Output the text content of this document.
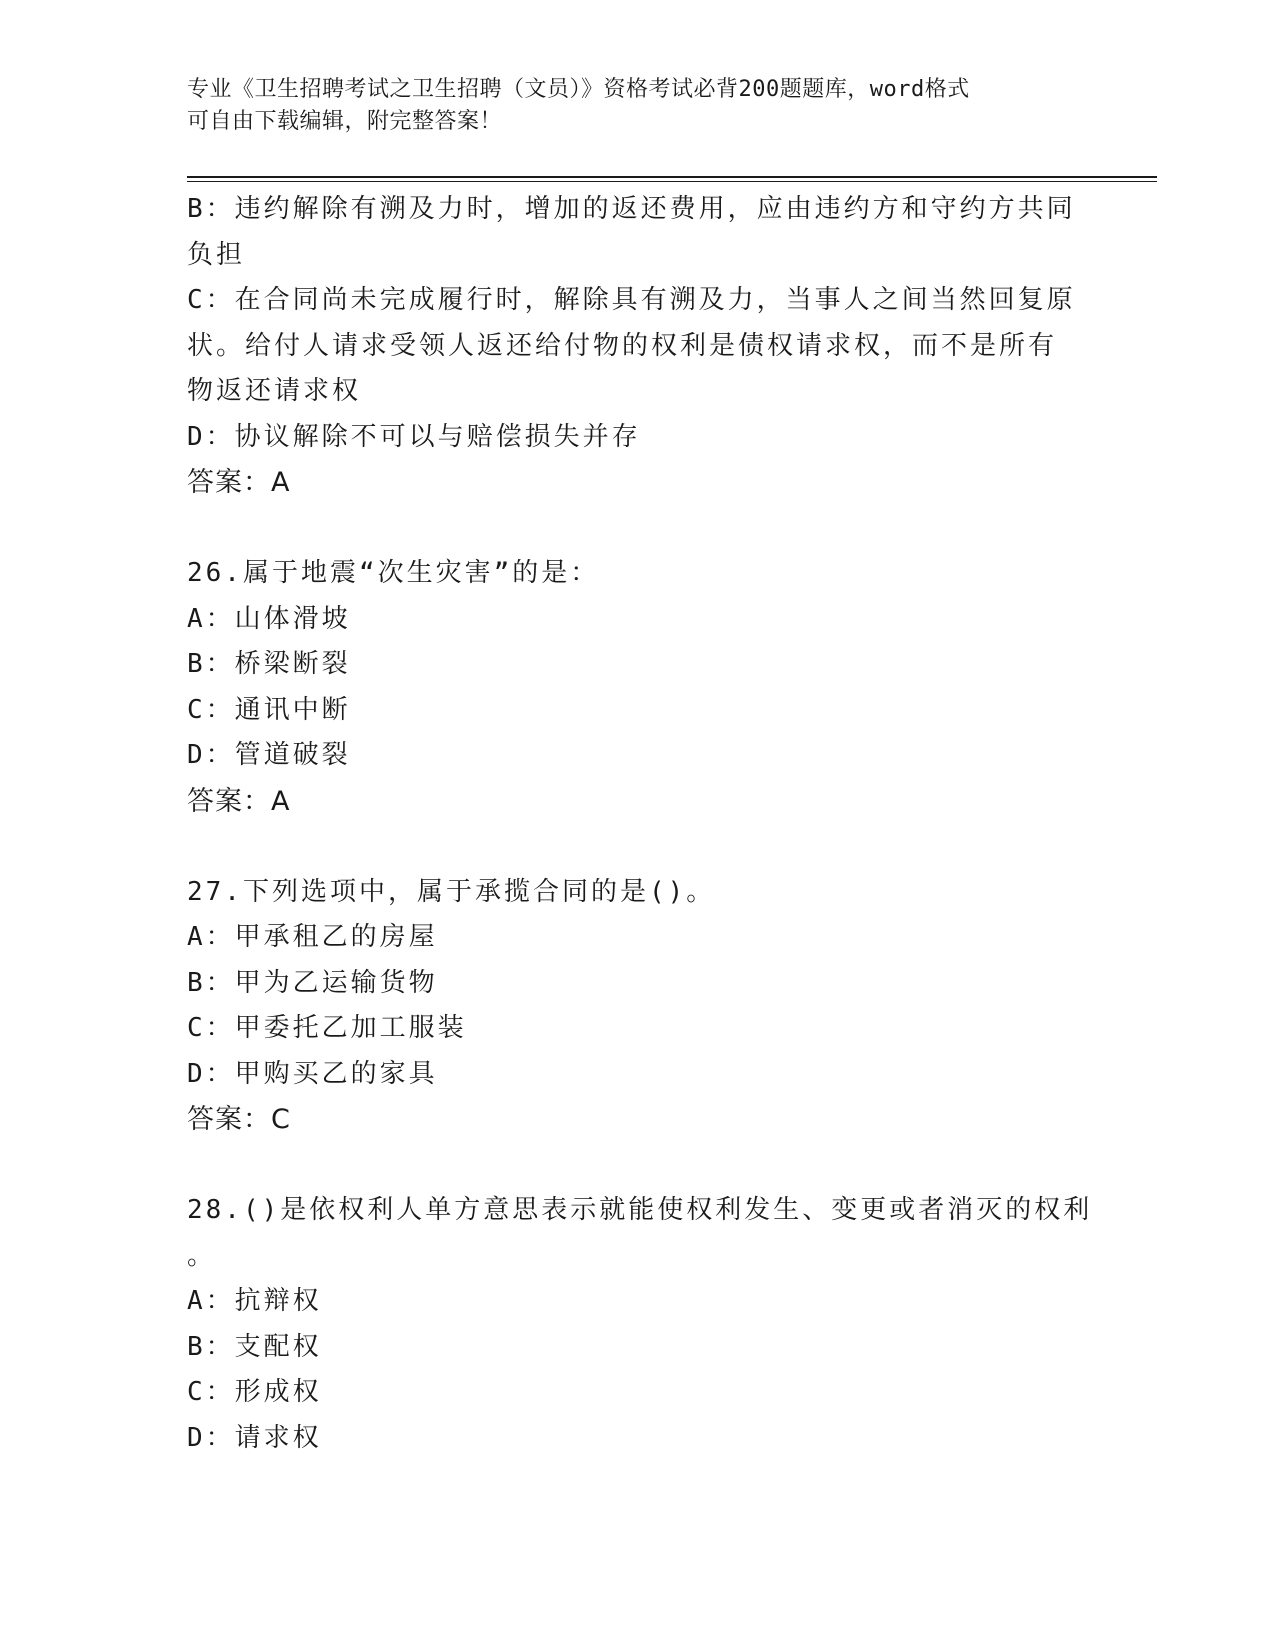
专业《卫生招聘考试之卫生招聘（文员）》资格考试必背200题题库，word格式
可自由下载编辑，附完整答案！
B：违约解除有溯及力时，增加的返还费用，应由违约方和守约方共同
负担
C：在合同尚未完成履行时，解除具有溯及力，当事人之间当然回复原
状。给付人请求受领人返还给付物的权利是债权请求权，而不是所有
物返还请求权
D：协议解除不可以与赔偿损失并存
答案：A
26.属于地震“次生灾害”的是：
A：山体滑坡
B：桥梁断裂
C：通讯中断
D：管道破裂
答案：A
27.下列选项中，属于承揽合同的是()。
A：甲承租乙的房屋
B：甲为乙运输货物
C：甲委托乙加工服装
D：甲购买乙的家具
答案：C
28.()是依权利人单方意思表示就能使权利发生、变更或者消灭的权利
。
A：抗辩权
B：支配权
C：形成权
D：请求权
